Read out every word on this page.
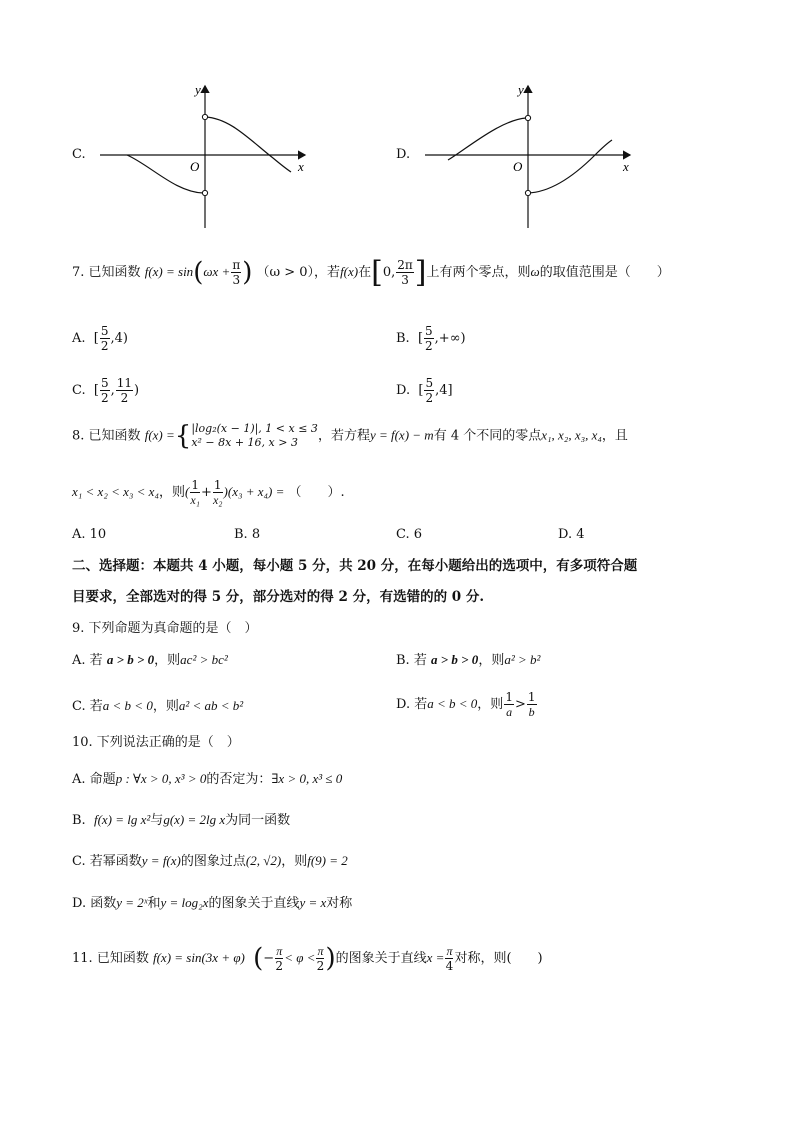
C.
x
y
O
D.
x
y
O
7. 已知函数 $f(x) = \sin(\omega x + \frac{\pi}{3}$ ) （ω > 0），若f(x)在[0, $\frac{2\pi}{3}$ ]上有两个零点，则ω的取值范围是（　　）
A. [ $\frac{5}{2} ,4$)	B. [ $\frac{5}{2}$ ,+∞)
C. [ $\frac{5}{2}$ , $\frac{11}{2}$ )	D. [ $\frac{5}{2} ,4$]
8. 已知函数 f(x) ={ |log₂(x − 1)|, 1 < x ≤ 3
x² − 8x + 16, x > 3	，若方程y = f(x) − m有 4 个不同的零点x₁, x₂, x₃, x₄，且
x₁ < x₂ < x₃ < x₄，则( $\frac{1}{\text{x₁}} + \frac{1}{\text{x₂}} )(x_3 + x_4)$ = （　　）.
A. 10	B. 8	C. 6	D. 4
二、选择题：本题共 4 小题，每小题 5 分，共 20 分，在每小题给出的选项中，有多项符合题
目要求，全部选对的得 5 分，部分选对的得 2 分，有选错的的 0 分.
9. 下列命题为真命题的是（　）
A. 若 a > b > 0，则ac² > bc²	B. 若 a > b > 0，则a² > b²
C. 若a < b < 0，则a² < ab < b²	D. 若a < b < 0，则 $\frac{1}{a} > \frac{1}{b}$
10. 下列说法正确的是（　）
A. 命题p : ∀x > 0, x³ > 0的否定为：∃x > 0, x³ ≤ 0
B. f(x) = lg x²与g(x) = 2lg x为同一函数
C. 若幂函数y = f(x)的图象过点(2, √2)，则f(9) = 2
D. 函数y = 2ˣ和y = log₂x的图象关于直线y = x对称
11. 已知函数 f(x) = sin(3x + φ) (− $\frac{\pi}{2} < \varphi < \frac{\pi}{2}$ )的图象关于直线$x = \frac{\pi}{4}$ 对称，则(　　)
